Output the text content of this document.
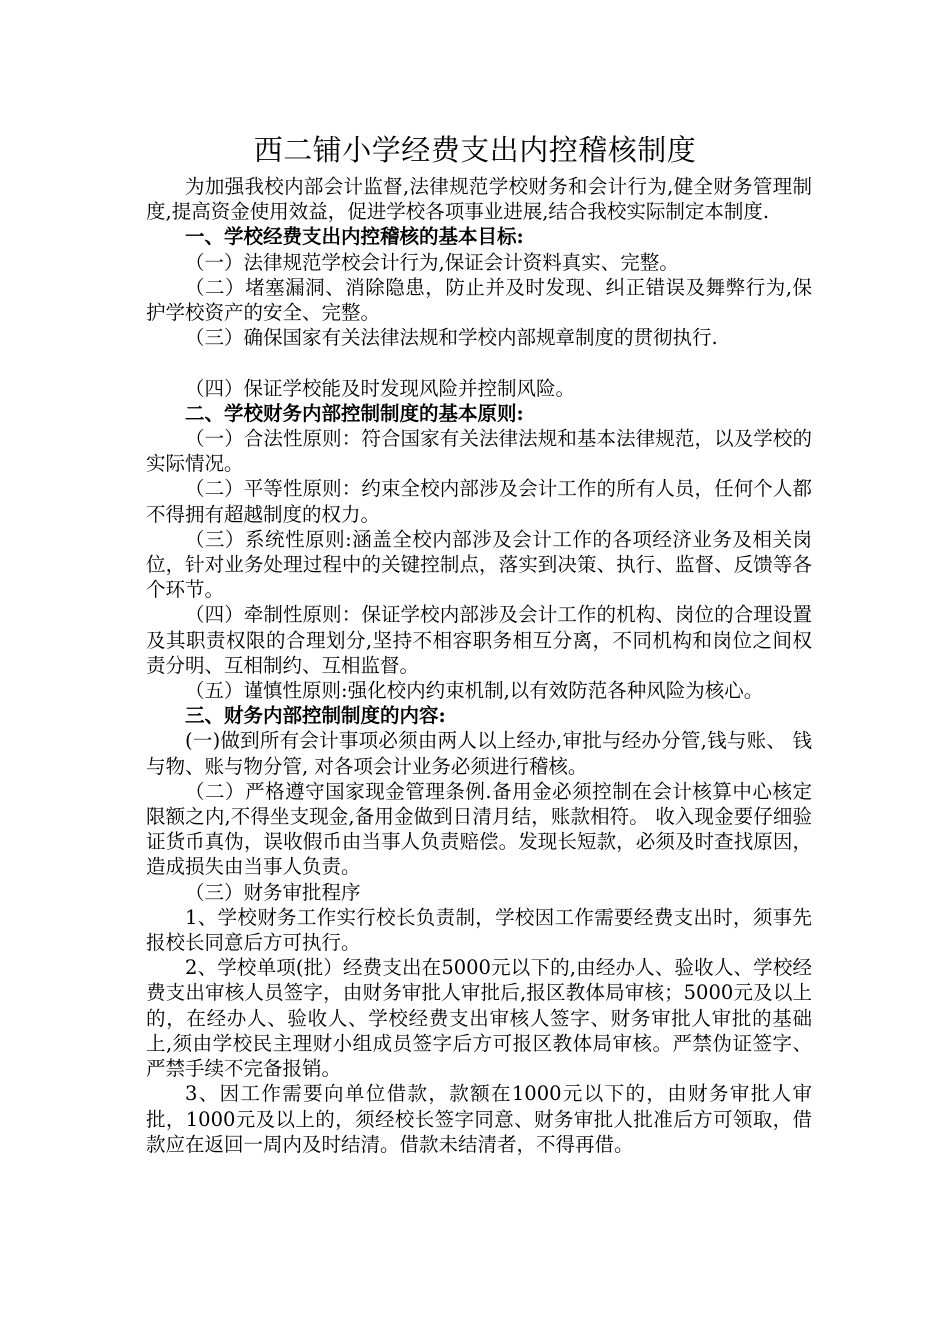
西二铺小学经费支出内控稽核制度

为加强我校内部会计监督,法律规范学校财务和会计行为,健全财务管理制度,提高资金使用效益，促进学校各项事业进展,结合我校实际制定本制度.

一、学校经费支出内控稽核的基本目标:

（一）法律规范学校会计行为,保证会计资料真实、完整。

（二）堵塞漏洞、消除隐患，防止并及时发现、纠正错误及舞弊行为,保护学校资产的安全、完整。

（三）确保国家有关法律法规和学校内部规章制度的贯彻执行.

（四）保证学校能及时发现风险并控制风险。

二、学校财务内部控制制度的基本原则:

（一）合法性原则：符合国家有关法律法规和基本法律规范，以及学校的实际情况。

（二）平等性原则：约束全校内部涉及会计工作的所有人员，任何个人都不得拥有超越制度的权力。

（三）系统性原则:涵盖全校内部涉及会计工作的各项经济业务及相关岗位，针对业务处理过程中的关键控制点，落实到决策、执行、监督、反馈等各个环节。

（四）牵制性原则：保证学校内部涉及会计工作的机构、岗位的合理设置及其职责权限的合理划分,坚持不相容职务相互分离，不同机构和岗位之间权责分明、互相制约、互相监督。

（五）谨慎性原则:强化校内约束机制,以有效防范各种风险为核心。

三、财务内部控制制度的内容:

(一)做到所有会计事项必须由两人以上经办,审批与经办分管,钱与账、 钱与物、账与物分管, 对各项会计业务必须进行稽核。

（二）严格遵守国家现金管理条例.备用金必须控制在会计核算中心核定限额之内,不得坐支现金,备用金做到日清月结，账款相符。 收入现金要仔细验证货币真伪，误收假币由当事人负责赔偿。发现长短款，必须及时查找原因，造成损失由当事人负责。

（三）财务审批程序

1、学校财务工作实行校长负责制，学校因工作需要经费支出时，须事先报校长同意后方可执行。

2、学校单项(批）经费支出在5000元以下的,由经办人、验收人、学校经费支出审核人员签字，由财务审批人审批后,报区教体局审核；5000元及以上的，在经办人、验收人、学校经费支出审核人签字、财务审批人审批的基础上,须由学校民主理财小组成员签字后方可报区教体局审核。严禁伪证签字、严禁手续不完备报销。

3、因工作需要向单位借款，款额在1000元以下的，由财务审批人审批，1000元及以上的，须经校长签字同意、财务审批人批准后方可领取，借款应在返回一周内及时结清。借款未结清者，不得再借。
